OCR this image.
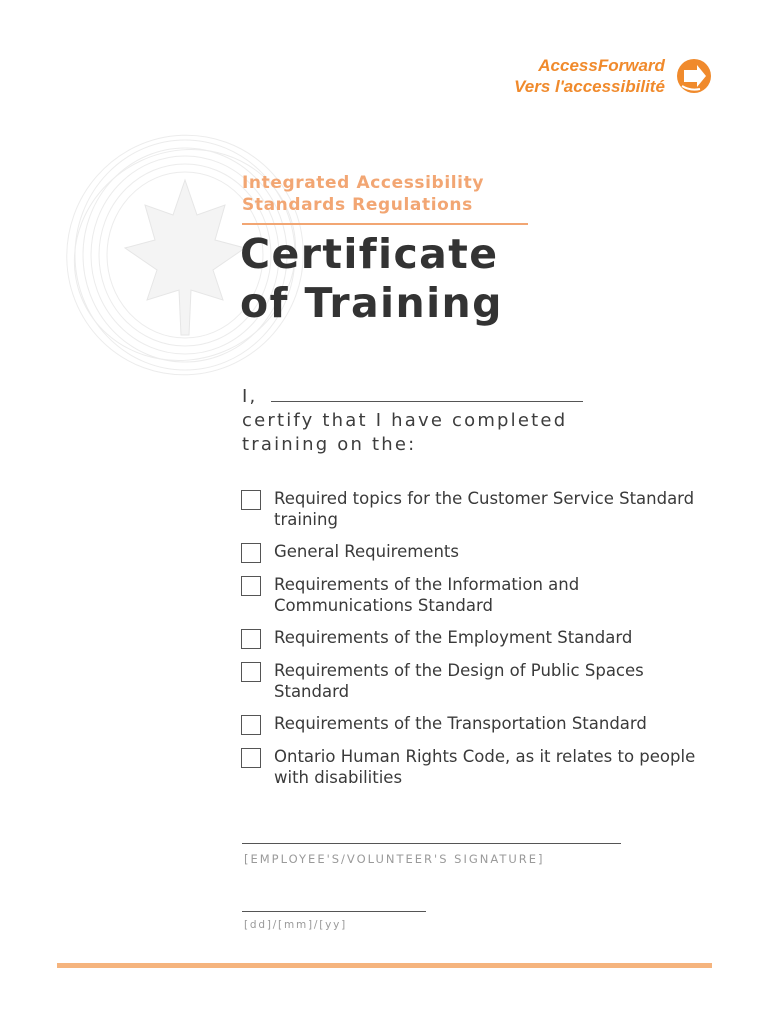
AccessForward
Vers l'accessibilité

Integrated Accessibility Standards Regulations
Certificate
of Training
I,
certify that I have completed
training on the:
Required topics for the Customer Service Standard training
General Requirements
Requirements of the Information and Communications Standard
Requirements of the Employment Standard
Requirements of the Design of Public Spaces Standard
Requirements of the Transportation Standard
Ontario Human Rights Code, as it relates to people with disabilities
[EMPLOYEE'S/VOLUNTEER'S SIGNATURE]
[dd]/[mm]/[yy]
